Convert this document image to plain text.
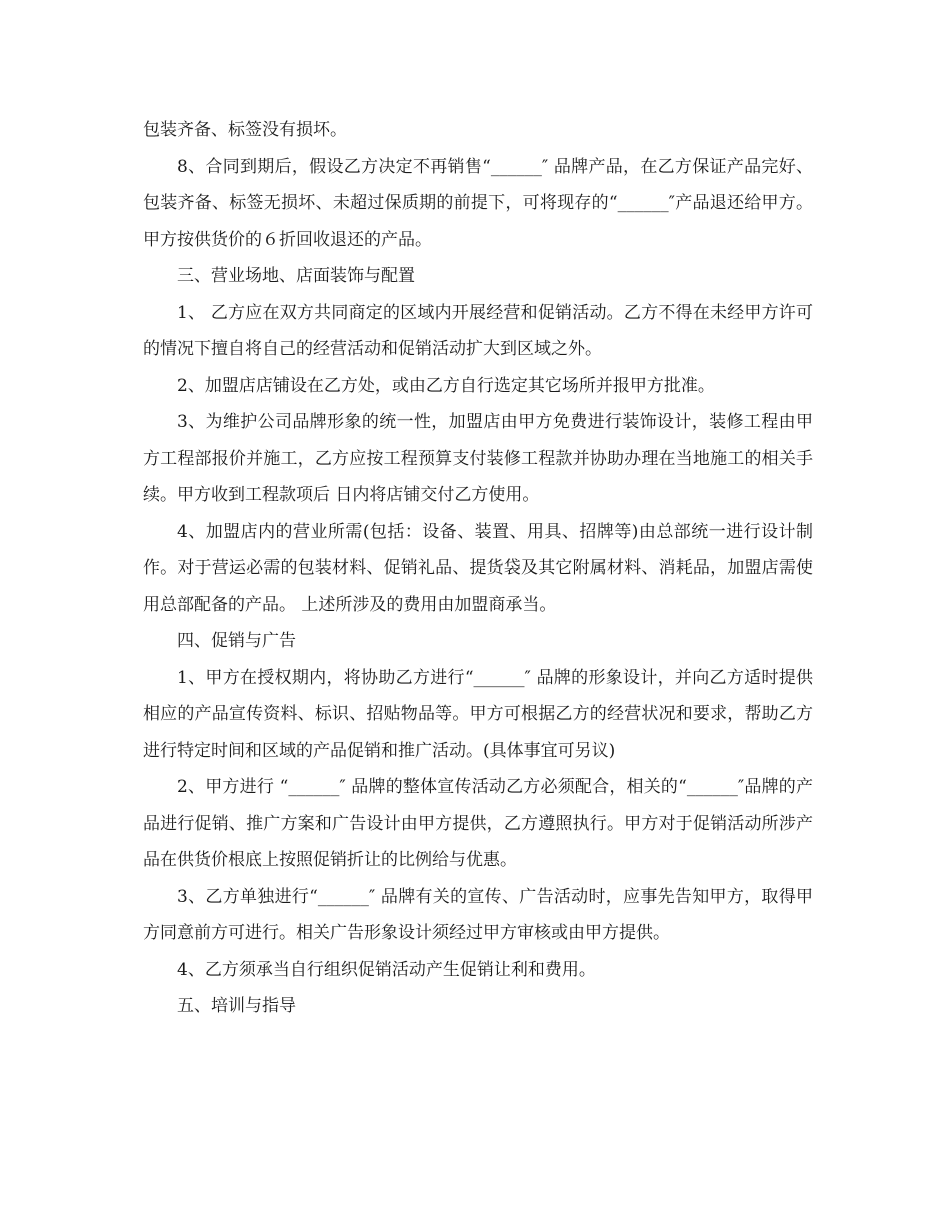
包装齐备、标签没有损坏。

8、合同到期后，假设乙方决定不再销售“______″ 品牌产品，在乙方保证产品完好、包装齐备、标签无损坏、未超过保质期的前提下，可将现存的“______″产品退还给甲方。甲方按供货价的６折回收退还的产品。

三、营业场地、店面装饰与配置

1、 乙方应在双方共同商定的区域内开展经营和促销活动。乙方不得在未经甲方许可的情况下擅自将自己的经营活动和促销活动扩大到区域之外。

2、加盟店店铺设在乙方处，或由乙方自行选定其它场所并报甲方批准。

3、为维护公司品牌形象的统一性，加盟店由甲方免费进行装饰设计，装修工程由甲方工程部报价并施工，乙方应按工程预算支付装修工程款并协助办理在当地施工的相关手续。甲方收到工程款项后 日内将店铺交付乙方使用。

4、加盟店内的营业所需(包括：设备、装置、用具、招牌等)由总部统一进行设计制作。对于营运必需的包装材料、促销礼品、提货袋及其它附属材料、消耗品，加盟店需使用总部配备的产品。 上述所涉及的费用由加盟商承当。

四、促销与广告

1、甲方在授权期内，将协助乙方进行“______″ 品牌的形象设计，并向乙方适时提供相应的产品宣传资料、标识、招贴物品等。甲方可根据乙方的经营状况和要求，帮助乙方进行特定时间和区域的产品促销和推广活动。(具体事宜可另议)

2、甲方进行 “______″ 品牌的整体宣传活动乙方必须配合，相关的“______″品牌的产品进行促销、推广方案和广告设计由甲方提供，乙方遵照执行。甲方对于促销活动所涉产品在供货价根底上按照促销折让的比例给与优惠。

3、乙方单独进行“______″ 品牌有关的宣传、广告活动时，应事先告知甲方，取得甲方同意前方可进行。相关广告形象设计须经过甲方审核或由甲方提供。

4、乙方须承当自行组织促销活动产生促销让利和费用。

五、培训与指导
